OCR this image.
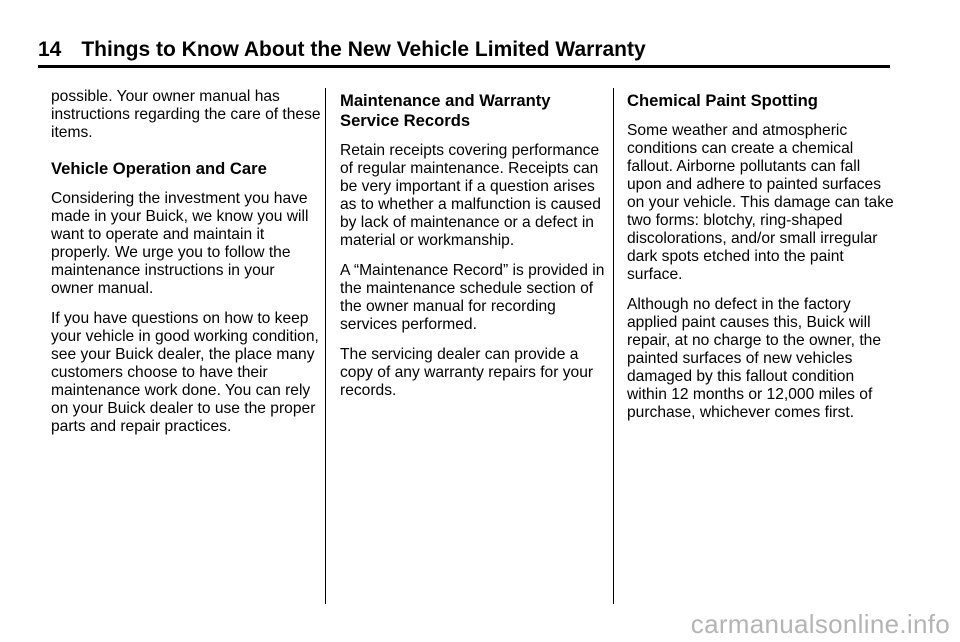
14 Things to Know About the New Vehicle Limited Warranty

possible. Your owner manual has instructions regarding the care of these items.

Vehicle Operation and Care

Considering the investment you have made in your Buick, we know you will want to operate and maintain it properly. We urge you to follow the maintenance instructions in your owner manual.

If you have questions on how to keep your vehicle in good working condition, see your Buick dealer, the place many customers choose to have their maintenance work done. You can rely on your Buick dealer to use the proper parts and repair practices.

Maintenance and Warranty Service Records

Retain receipts covering performance of regular maintenance. Receipts can be very important if a question arises as to whether a malfunction is caused by lack of maintenance or a defect in material or workmanship.

A “Maintenance Record” is provided in the maintenance schedule section of the owner manual for recording services performed.

The servicing dealer can provide a copy of any warranty repairs for your records.

Chemical Paint Spotting

Some weather and atmospheric conditions can create a chemical fallout. Airborne pollutants can fall upon and adhere to painted surfaces on your vehicle. This damage can take two forms: blotchy, ring-shaped discolorations, and/or small irregular dark spots etched into the paint surface.

Although no defect in the factory applied paint causes this, Buick will repair, at no charge to the owner, the painted surfaces of new vehicles damaged by this fallout condition within 12 months or 12,000 miles of purchase, whichever comes first.

carmanualsonline.info
